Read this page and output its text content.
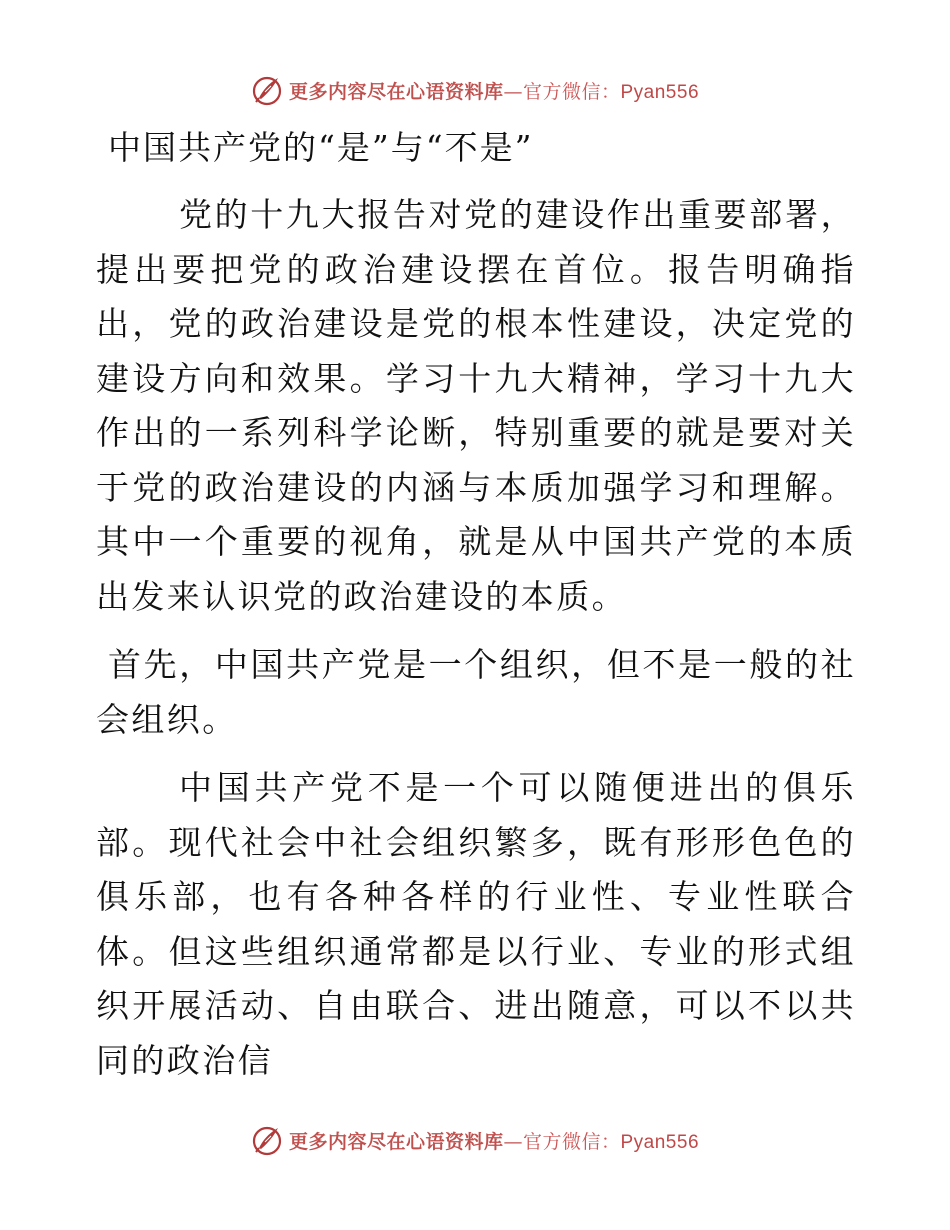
更多内容尽在心语资料库—官方微信：Pyan556
中国共产党的“是”与“不是”

党的十九大报告对党的建设作出重要部署，提出要把党的政治建设摆在首位。报告明确指出，党的政治建设是党的根本性建设，决定党的建设方向和效果。学习十九大精神，学习十九大作出的一系列科学论断，特别重要的就是要对关于党的政治建设的内涵与本质加强学习和理解。其中一个重要的视角，就是从中国共产党的本质出发来认识党的政治建设的本质。

首先，中国共产党是一个组织，但不是一般的社会组织。

中国共产党不是一个可以随便进出的俱乐部。现代社会中社会组织繁多，既有形形色色的俱乐部，也有各种各样的行业性、专业性联合体。但这些组织通常都是以行业、专业的形式组织开展活动、自由联合、进出随意，可以不以共同的政治信

更多内容尽在心语资料库—官方微信：Pyan556
